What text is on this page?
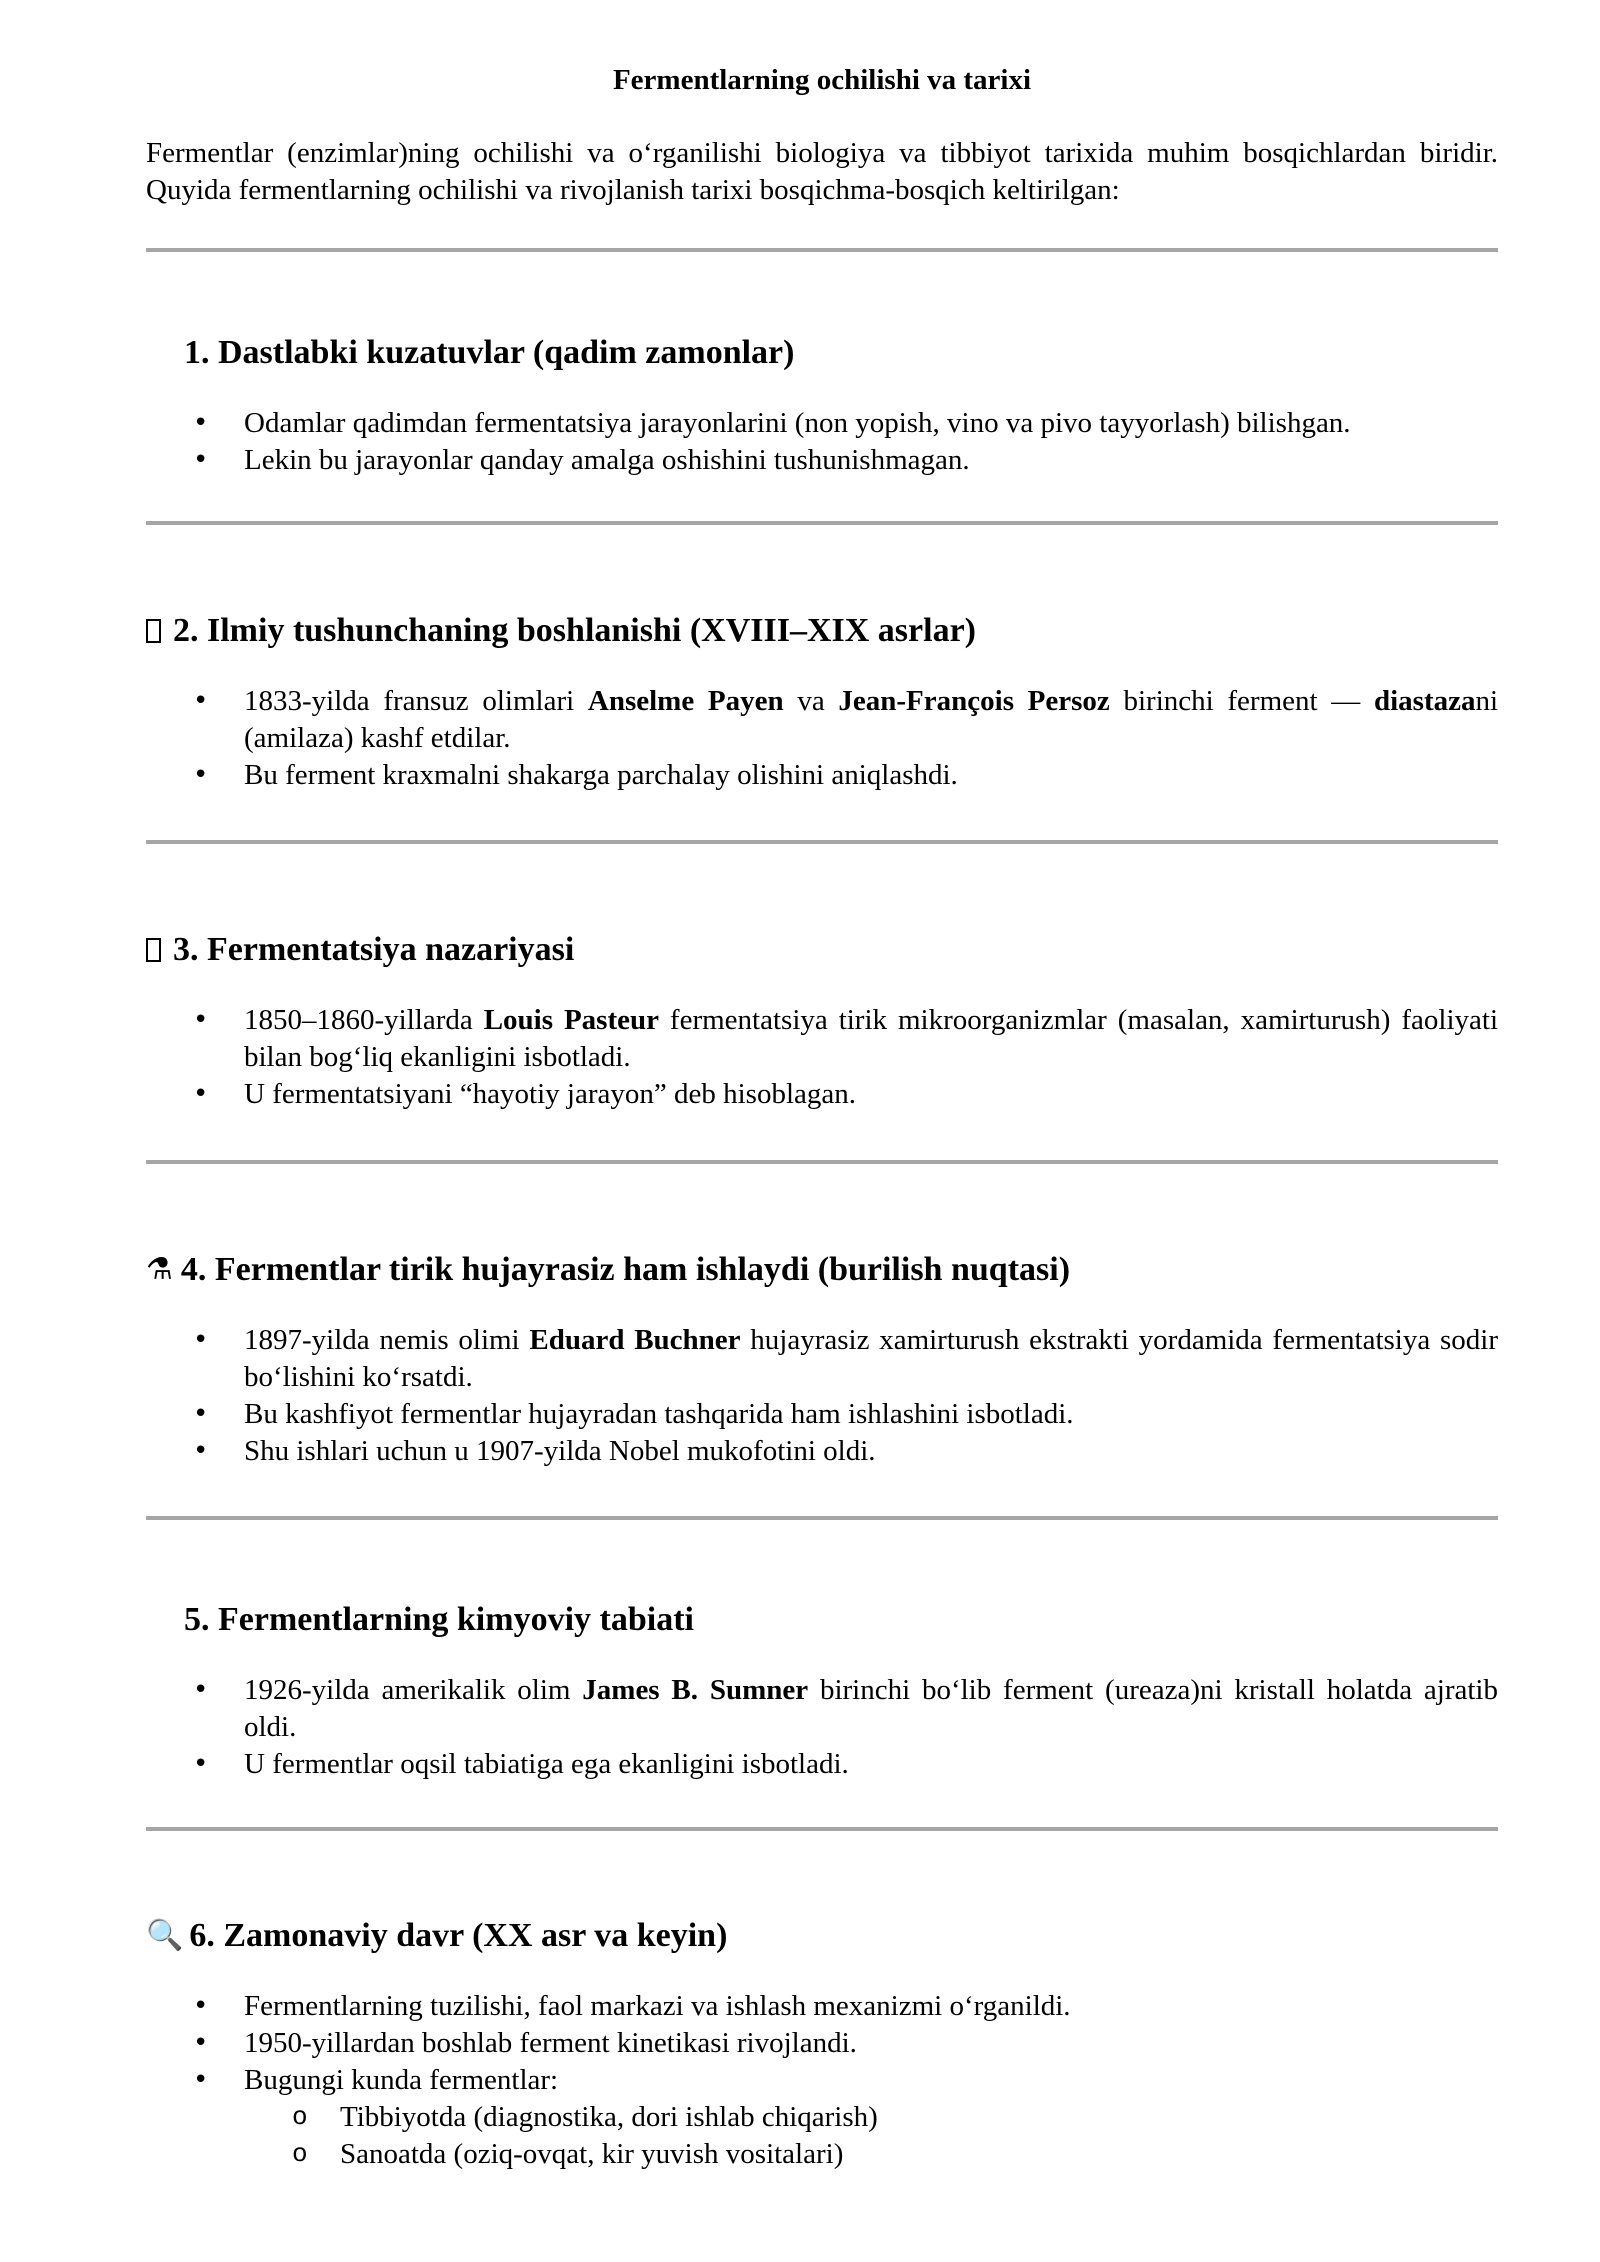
Fermentlarning ochilishi va tarixi

Fermentlar (enzimlar)ning ochilishi va oʻrganilishi biologiya va tibbiyot tarixida muhim bosqichlardan biridir. Quyida fermentlarning ochilishi va rivojlanish tarixi bosqichma-bosqich keltirilgan:

1. Dastlabki kuzatuvlar (qadim zamonlar)
• Odamlar qadimdan fermentatsiya jarayonlarini (non yopish, vino va pivo tayyorlash) bilishgan.
• Lekin bu jarayonlar qanday amalga oshishini tushunishmagan.
2. Ilmiy tushunchaning boshlanishi (XVIII–XIX asrlar)
• 1833-yilda fransuz olimlari Anselme Payen va Jean-François Persoz birinchi ferment — diastazani (amilaza) kashf etdilar.
• Bu ferment kraxmalni shakarga parchalay olishini aniqlashdi.
3. Fermentatsiya nazariyasi
• 1850–1860-yillarda Louis Pasteur fermentatsiya tirik mikroorganizmlar (masalan, xamirturush) faoliyati bilan bogʻliq ekanligini isbotladi.
• U fermentatsiyani “hayotiy jarayon” deb hisoblagan.
⚗ 4. Fermentlar tirik hujayrasiz ham ishlaydi (burilish nuqtasi)
• 1897-yilda nemis olimi Eduard Buchner hujayrasiz xamirturush ekstrakti yordamida fermentatsiya sodir boʻlishini koʻrsatdi.
• Bu kashfiyot fermentlar hujayradan tashqarida ham ishlashini isbotladi.
• Shu ishlari uchun u 1907-yilda Nobel mukofotini oldi.
5. Fermentlarning kimyoviy tabiati
• 1926-yilda amerikalik olim James B. Sumner birinchi boʻlib ferment (ureaza)ni kristall holatda ajratib oldi.
• U fermentlar oqsil tabiatiga ega ekanligini isbotladi.
🔍 6. Zamonaviy davr (XX asr va keyin)
• Fermentlarning tuzilishi, faol markazi va ishlash mexanizmi oʻrganildi.
• 1950-yillardan boshlab ferment kinetikasi rivojlandi.
• Bugungi kunda fermentlar:
o Tibbiyotda (diagnostika, dori ishlab chiqarish)
o Sanoatda (oziq-ovqat, kir yuvish vositalari)
